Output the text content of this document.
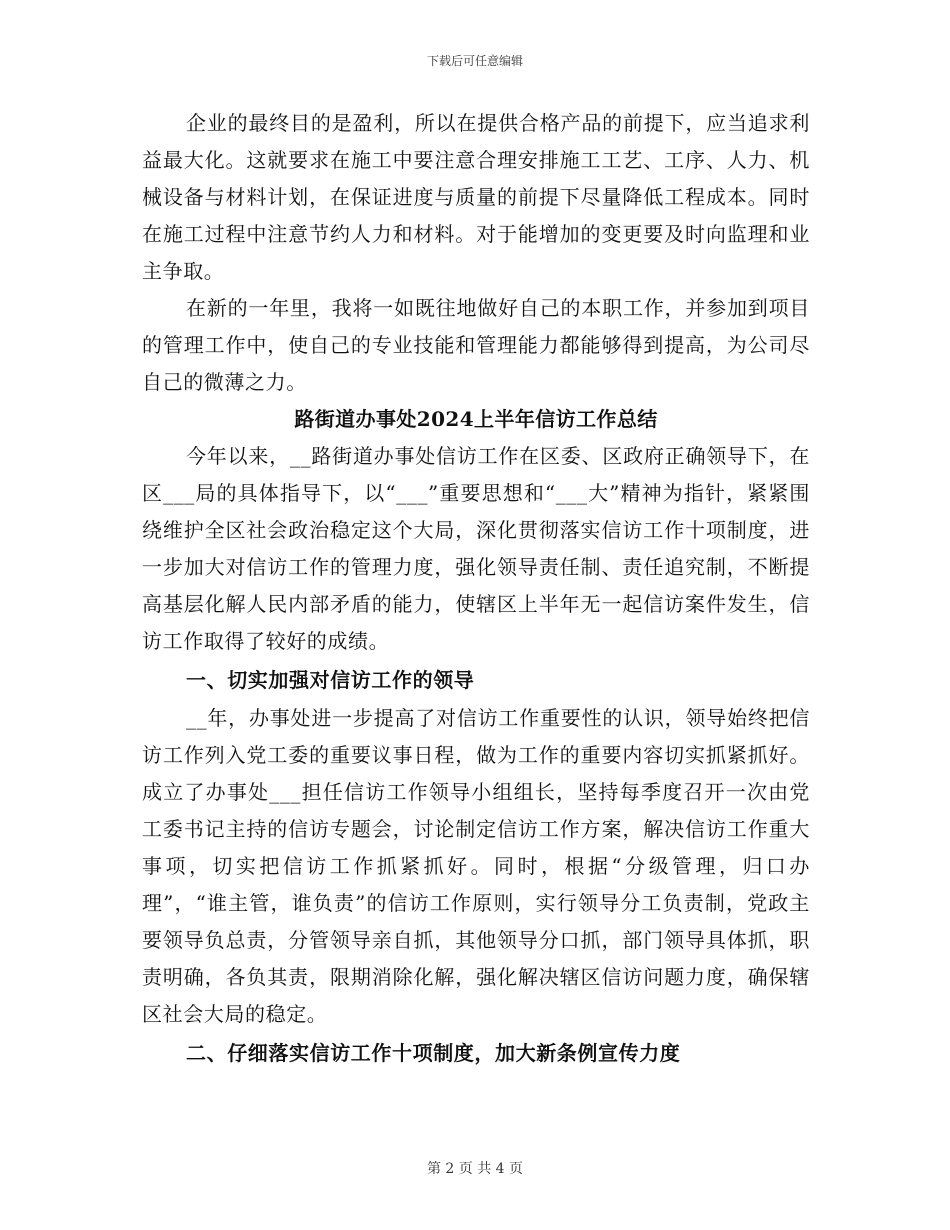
下载后可任意编辑

企业的最终目的是盈利，所以在提供合格产品的前提下，应当追求利益最大化。这就要求在施工中要注意合理安排施工工艺、工序、人力、机械设备与材料计划，在保证进度与质量的前提下尽量降低工程成本。同时在施工过程中注意节约人力和材料。对于能增加的变更要及时向监理和业主争取。

在新的一年里，我将一如既往地做好自己的本职工作，并参加到项目的管理工作中，使自己的专业技能和管理能力都能够得到提高，为公司尽自己的微薄之力。

路街道办事处2024上半年信访工作总结

今年以来，__路街道办事处信访工作在区委、区政府正确领导下，在区___局的具体指导下，以“___”重要思想和“___大”精神为指针，紧紧围绕维护全区社会政治稳定这个大局，深化贯彻落实信访工作十项制度，进一步加大对信访工作的管理力度，强化领导责任制、责任追究制，不断提高基层化解人民内部矛盾的能力，使辖区上半年无一起信访案件发生，信访工作取得了较好的成绩。

一、切实加强对信访工作的领导

__年，办事处进一步提高了对信访工作重要性的认识，领导始终把信访工作列入党工委的重要议事日程，做为工作的重要内容切实抓紧抓好。成立了办事处___担任信访工作领导小组组长，坚持每季度召开一次由党工委书记主持的信访专题会，讨论制定信访工作方案，解决信访工作重大事项，切实把信访工作抓紧抓好。同时，根据“分级管理，归口办理”，“谁主管，谁负责”的信访工作原则，实行领导分工负责制，党政主要领导负总责，分管领导亲自抓，其他领导分口抓，部门领导具体抓，职责明确，各负其责，限期消除化解，强化解决辖区信访问题力度，确保辖区社会大局的稳定。

二、仔细落实信访工作十项制度，加大新条例宣传力度

第 2 页 共 4 页
